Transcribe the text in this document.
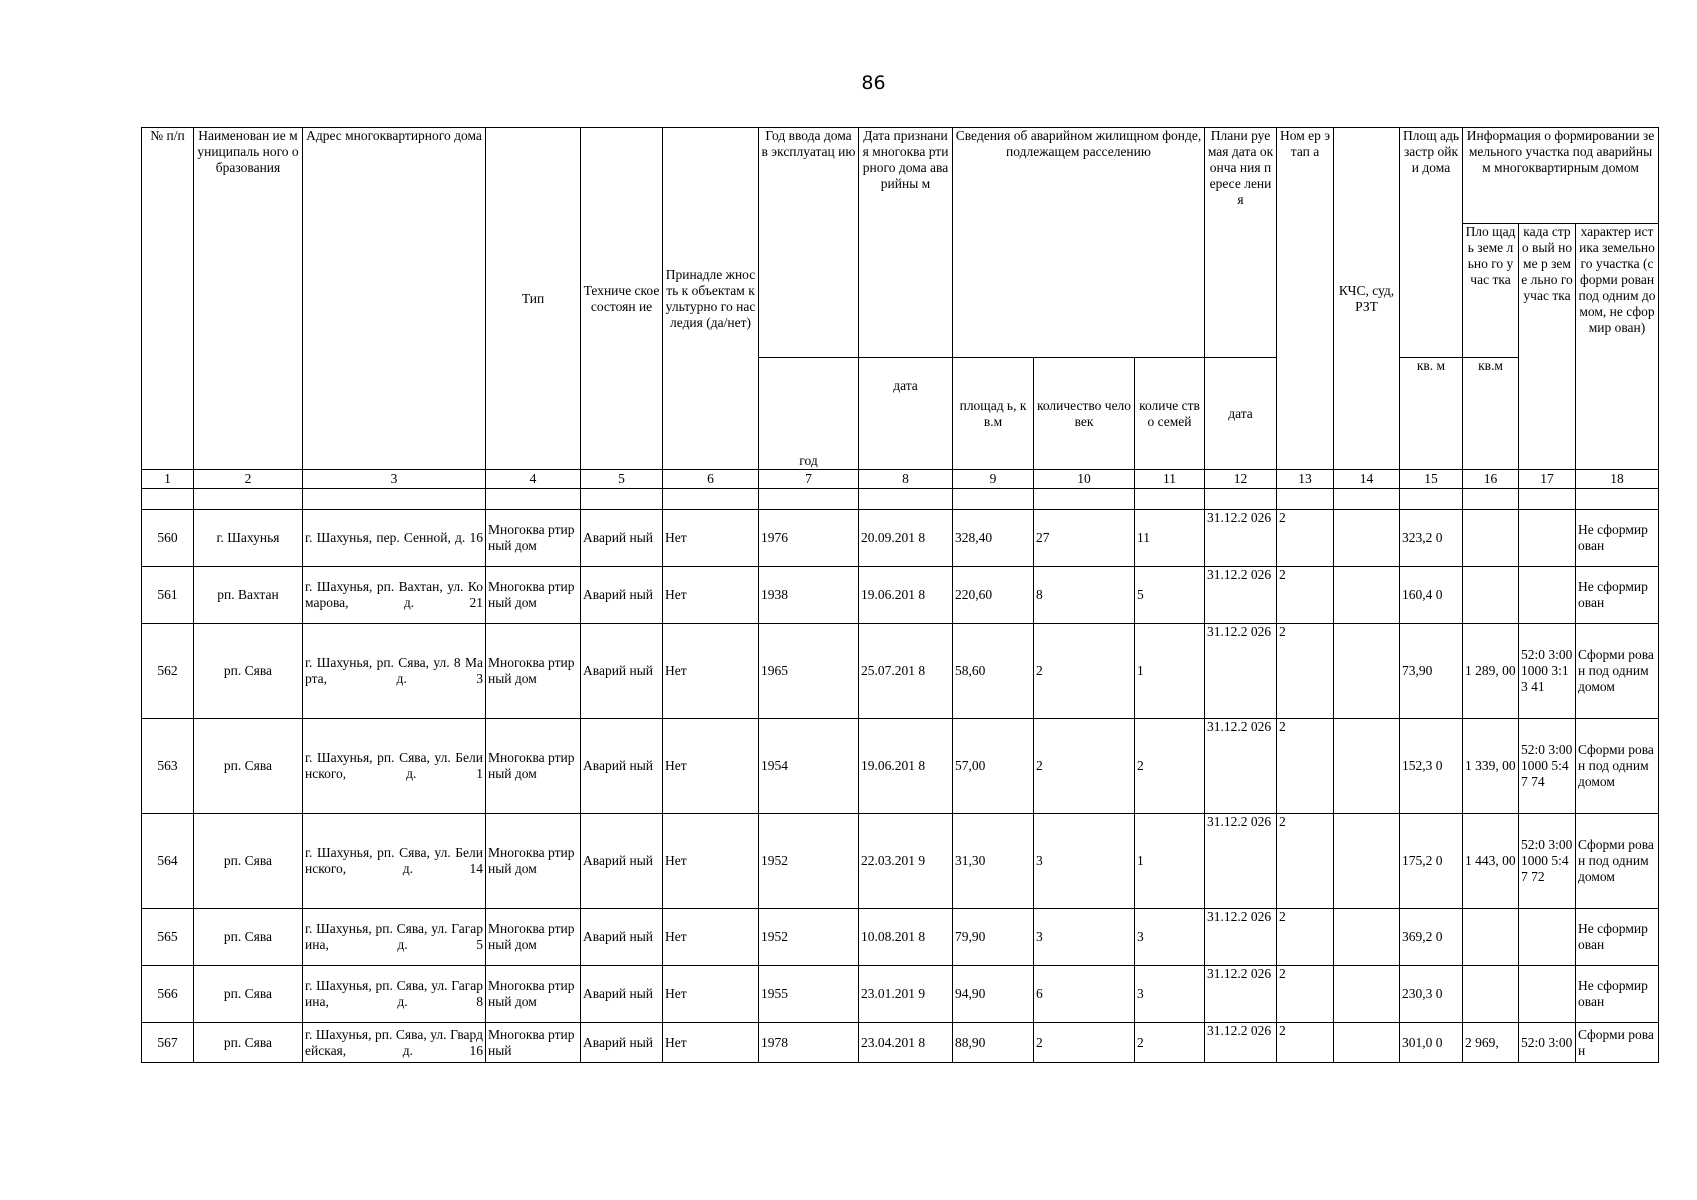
86
№ п/п	Наименован ие муниципаль ного образования	Адрес многоквартирного дома	Тип	Техниче ское состоян ие	Принадле жность к объектам культурно го наследия (да/нет)	Год ввода дома в эксплуатац ию	Дата признани я многоква ртирного дома аварийны м	Сведения об аварийном жилищном фонде, подлежащем расселению			Плани руемая дата оконча ния пересе ления	Ном ер этап а	КЧС, суд, РЗТ	Площ адь застр ойки дома	Информация о формировании земельного участка под аварийным многоквартирным домом		
															Пло щадь земе льно го учас тка	када стро вый номе р земе льно го учас тка	характер истика земельно го участка (сформи рован под одним домом, не сформир ован)
						год	дата	площад ь, кв.м	количество человек	количе ство семей	дата			кв. м	кв.м		
1	2	3	4	5	6	7	8	9	10	11	12	13	14	15	16	17	18

560	г. Шахунья	г. Шахунья, пер. Сенной, д. 16	Многоква ртирный дом	Аварий ный	Нет	1976	20.09.201 8	328,40	27	11	31.12.2 026	2		323,2 0			Не сформир ован
561	рп. Вахтан	г. Шахунья, рп. Вахтан, ул. Комарова, д. 21	Многоква ртирный дом	Аварий ный	Нет	1938	19.06.201 8	220,60	8	5	31.12.2 026	2		160,4 0			Не сформир ован
562	рп. Сява	г. Шахунья, рп. Сява, ул. 8 Марта, д. 3	Многоква ртирный дом	Аварий ный	Нет	1965	25.07.201 8	58,60	2	1	31.12.2 026	2		73,90	1 289, 00	52:0 3:00 1000 3:13 41	Сформи рован под одним домом
563	рп. Сява	г. Шахунья, рп. Сява, ул. Белинского, д. 1	Многоква ртирный дом	Аварий ный	Нет	1954	19.06.201 8	57,00	2	2	31.12.2 026	2		152,3 0	1 339, 00	52:0 3:00 1000 5:47 74	Сформи рован под одним домом
564	рп. Сява	г. Шахунья, рп. Сява, ул. Белинского, д. 14	Многоква ртирный дом	Аварий ный	Нет	1952	22.03.201 9	31,30	3	1	31.12.2 026	2		175,2 0	1 443, 00	52:0 3:00 1000 5:47 72	Сформи рован под одним домом
565	рп. Сява	г. Шахунья, рп. Сява, ул. Гагарина, д. 5	Многоква ртирный дом	Аварий ный	Нет	1952	10.08.201 8	79,90	3	3	31.12.2 026	2		369,2 0			Не сформир ован
566	рп. Сява	г. Шахунья, рп. Сява, ул. Гагарина, д. 8	Многоква ртирный дом	Аварий ный	Нет	1955	23.01.201 9	94,90	6	3	31.12.2 026	2		230,3 0			Не сформир ован
567	рп. Сява	г. Шахунья, рп. Сява, ул. Гвардейская, д. 16	Многоква ртирный	Аварий ный	Нет	1978	23.04.201 8	88,90	2	2	31.12.2 026	2		301,0 0	2 969,	52:0 3:00	Сформи рован
